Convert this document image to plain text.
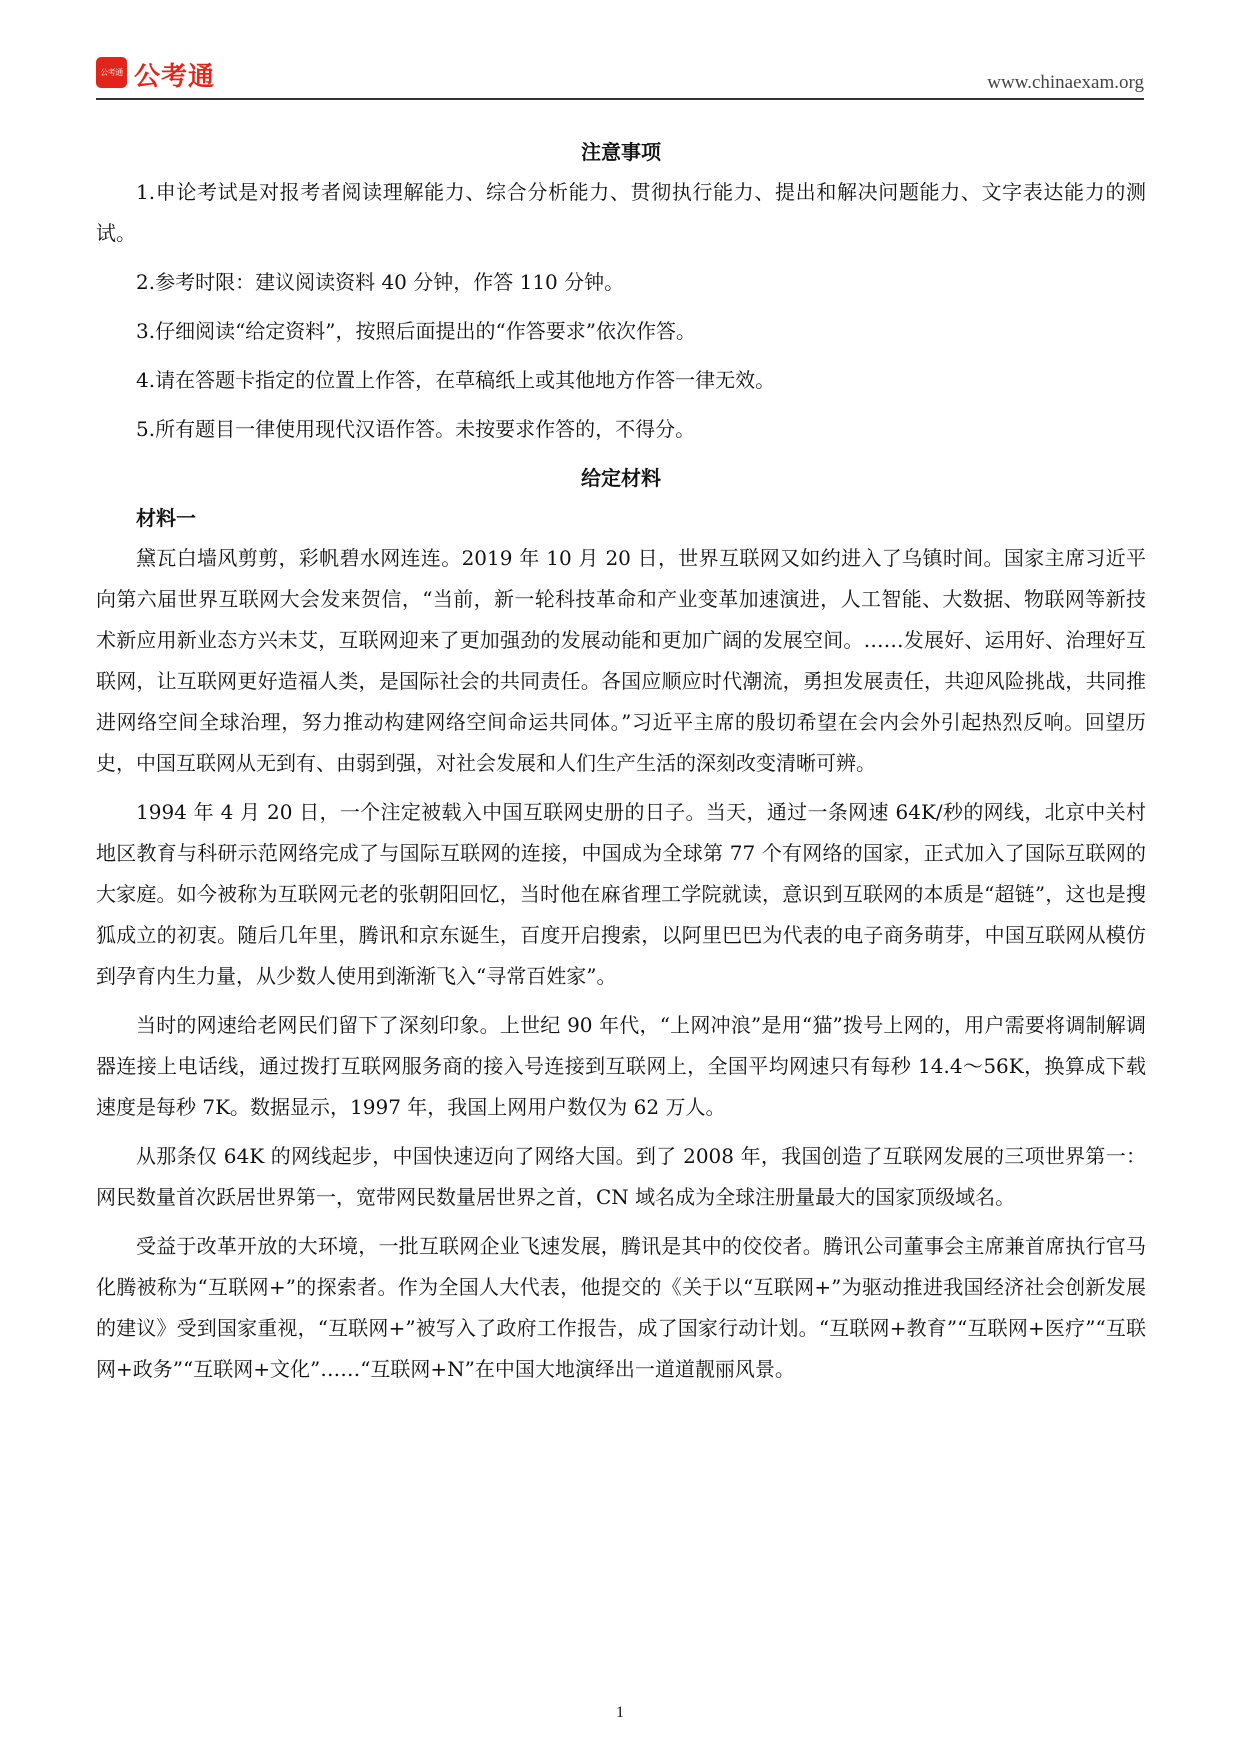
公考通 公考通	www.chinaexam.org
注意事项

1.申论考试是对报考者阅读理解能力、综合分析能力、贯彻执行能力、提出和解决问题能力、文字表达能力的测试。

2.参考时限：建议阅读资料 40 分钟，作答 110 分钟。

3.仔细阅读“给定资料”，按照后面提出的“作答要求”依次作答。

4.请在答题卡指定的位置上作答，在草稿纸上或其他地方作答一律无效。

5.所有题目一律使用现代汉语作答。未按要求作答的，不得分。

给定材料
材料一

黛瓦白墙风剪剪，彩帆碧水网连连。2019 年 10 月 20 日，世界互联网又如约进入了乌镇时间。国家主席习近平向第六届世界互联网大会发来贺信，“当前，新一轮科技革命和产业变革加速演进，人工智能、大数据、物联网等新技术新应用新业态方兴未艾，互联网迎来了更加强劲的发展动能和更加广阔的发展空间。……发展好、运用好、治理好互联网，让互联网更好造福人类，是国际社会的共同责任。各国应顺应时代潮流，勇担发展责任，共迎风险挑战，共同推进网络空间全球治理，努力推动构建网络空间命运共同体。”习近平主席的殷切希望在会内会外引起热烈反响。回望历史，中国互联网从无到有、由弱到强，对社会发展和人们生产生活的深刻改变清晰可辨。

1994 年 4 月 20 日，一个注定被载入中国互联网史册的日子。当天，通过一条网速 64K/秒的网线，北京中关村地区教育与科研示范网络完成了与国际互联网的连接，中国成为全球第 77 个有网络的国家，正式加入了国际互联网的大家庭。如今被称为互联网元老的张朝阳回忆，当时他在麻省理工学院就读，意识到互联网的本质是“超链”，这也是搜狐成立的初衷。随后几年里，腾讯和京东诞生，百度开启搜索，以阿里巴巴为代表的电子商务萌芽，中国互联网从模仿到孕育内生力量，从少数人使用到渐渐飞入“寻常百姓家”。

当时的网速给老网民们留下了深刻印象。上世纪 90 年代，“上网冲浪”是用“猫”拨号上网的，用户需要将调制解调器连接上电话线，通过拨打互联网服务商的接入号连接到互联网上，全国平均网速只有每秒 14.4～56K，换算成下载速度是每秒 7K。数据显示，1997 年，我国上网用户数仅为 62 万人。

从那条仅 64K 的网线起步，中国快速迈向了网络大国。到了 2008 年，我国创造了互联网发展的三项世界第一：网民数量首次跃居世界第一，宽带网民数量居世界之首，CN 域名成为全球注册量最大的国家顶级域名。

受益于改革开放的大环境，一批互联网企业飞速发展，腾讯是其中的佼佼者。腾讯公司董事会主席兼首席执行官马化腾被称为“互联网+”的探索者。作为全国人大代表，他提交的《关于以“互联网+”为驱动推进我国经济社会创新发展的建议》受到国家重视，“互联网+”被写入了政府工作报告，成了国家行动计划。“互联网+教育”“互联网+医疗”“互联网+政务”“互联网+文化”……“互联网+N”在中国大地演绎出一道道靓丽风景。

1
